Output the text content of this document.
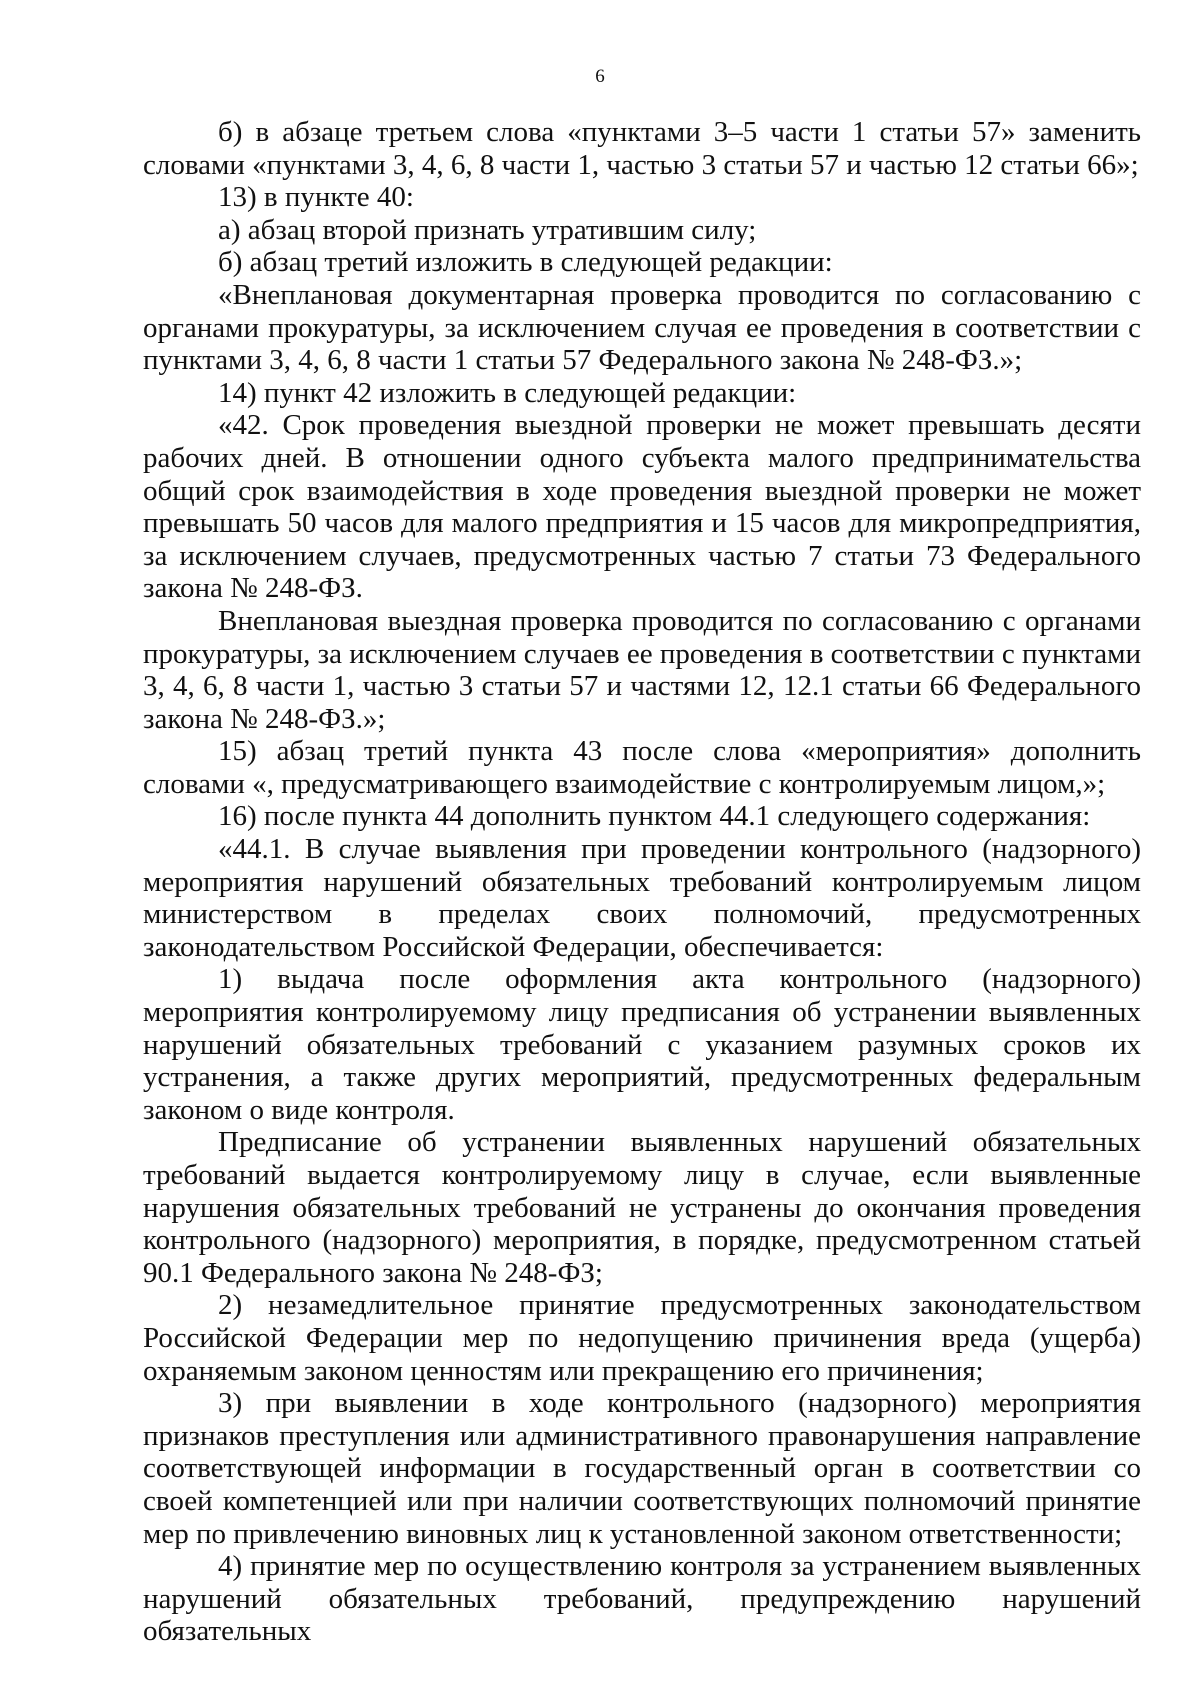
6

б) в абзаце третьем слова «пунктами 3–5 части 1 статьи 57» заменить словами «пунктами 3, 4, 6, 8 части 1, частью 3 статьи 57 и частью 12 статьи 66»;

13) в пункте 40:

а) абзац второй признать утратившим силу;

б) абзац третий изложить в следующей редакции:

«Внеплановая документарная проверка проводится по согласованию с органами прокуратуры, за исключением случая ее проведения в соответствии с пунктами 3, 4, 6, 8 части 1 статьи 57 Федерального закона № 248-ФЗ.»;

14) пункт 42 изложить в следующей редакции:

«42. Срок проведения выездной проверки не может превышать десяти рабочих дней. В отношении одного субъекта малого предпринимательства общий срок взаимодействия в ходе проведения выездной проверки не может превышать 50 часов для малого предприятия и 15 часов для микропредприятия, за исключением случаев, предусмотренных частью 7 статьи 73 Федерального закона № 248-ФЗ.

Внеплановая выездная проверка проводится по согласованию с органами прокуратуры, за исключением случаев ее проведения в соответствии с пунктами 3, 4, 6, 8 части 1, частью 3 статьи 57 и частями 12, 12.1 статьи 66 Федерального закона № 248-ФЗ.»;

15) абзац третий пункта 43 после слова «мероприятия» дополнить словами «, предусматривающего взаимодействие с контролируемым лицом,»;

16) после пункта 44 дополнить пунктом 44.1 следующего содержания:

«44.1. В случае выявления при проведении контрольного (надзорного) мероприятия нарушений обязательных требований контролируемым лицом министерством в пределах своих полномочий, предусмотренных законодательством Российской Федерации, обеспечивается:

1) выдача после оформления акта контрольного (надзорного) мероприятия контролируемому лицу предписания об устранении выявленных нарушений обязательных требований с указанием разумных сроков их устранения, а также других мероприятий, предусмотренных федеральным законом о виде контроля.

Предписание об устранении выявленных нарушений обязательных требований выдается контролируемому лицу в случае, если выявленные нарушения обязательных требований не устранены до окончания проведения контрольного (надзорного) мероприятия, в порядке, предусмотренном статьей 90.1 Федерального закона № 248-ФЗ;

2) незамедлительное принятие предусмотренных законодательством Российской Федерации мер по недопущению причинения вреда (ущерба) охраняемым законом ценностям или прекращению его причинения;

3) при выявлении в ходе контрольного (надзорного) мероприятия признаков преступления или административного правонарушения направление соответствующей информации в государственный орган в соответствии со своей компетенцией или при наличии соответствующих полномочий принятие мер по привлечению виновных лиц к установленной законом ответственности;

4) принятие мер по осуществлению контроля за устранением выявленных нарушений обязательных требований, предупреждению нарушений обязательных
